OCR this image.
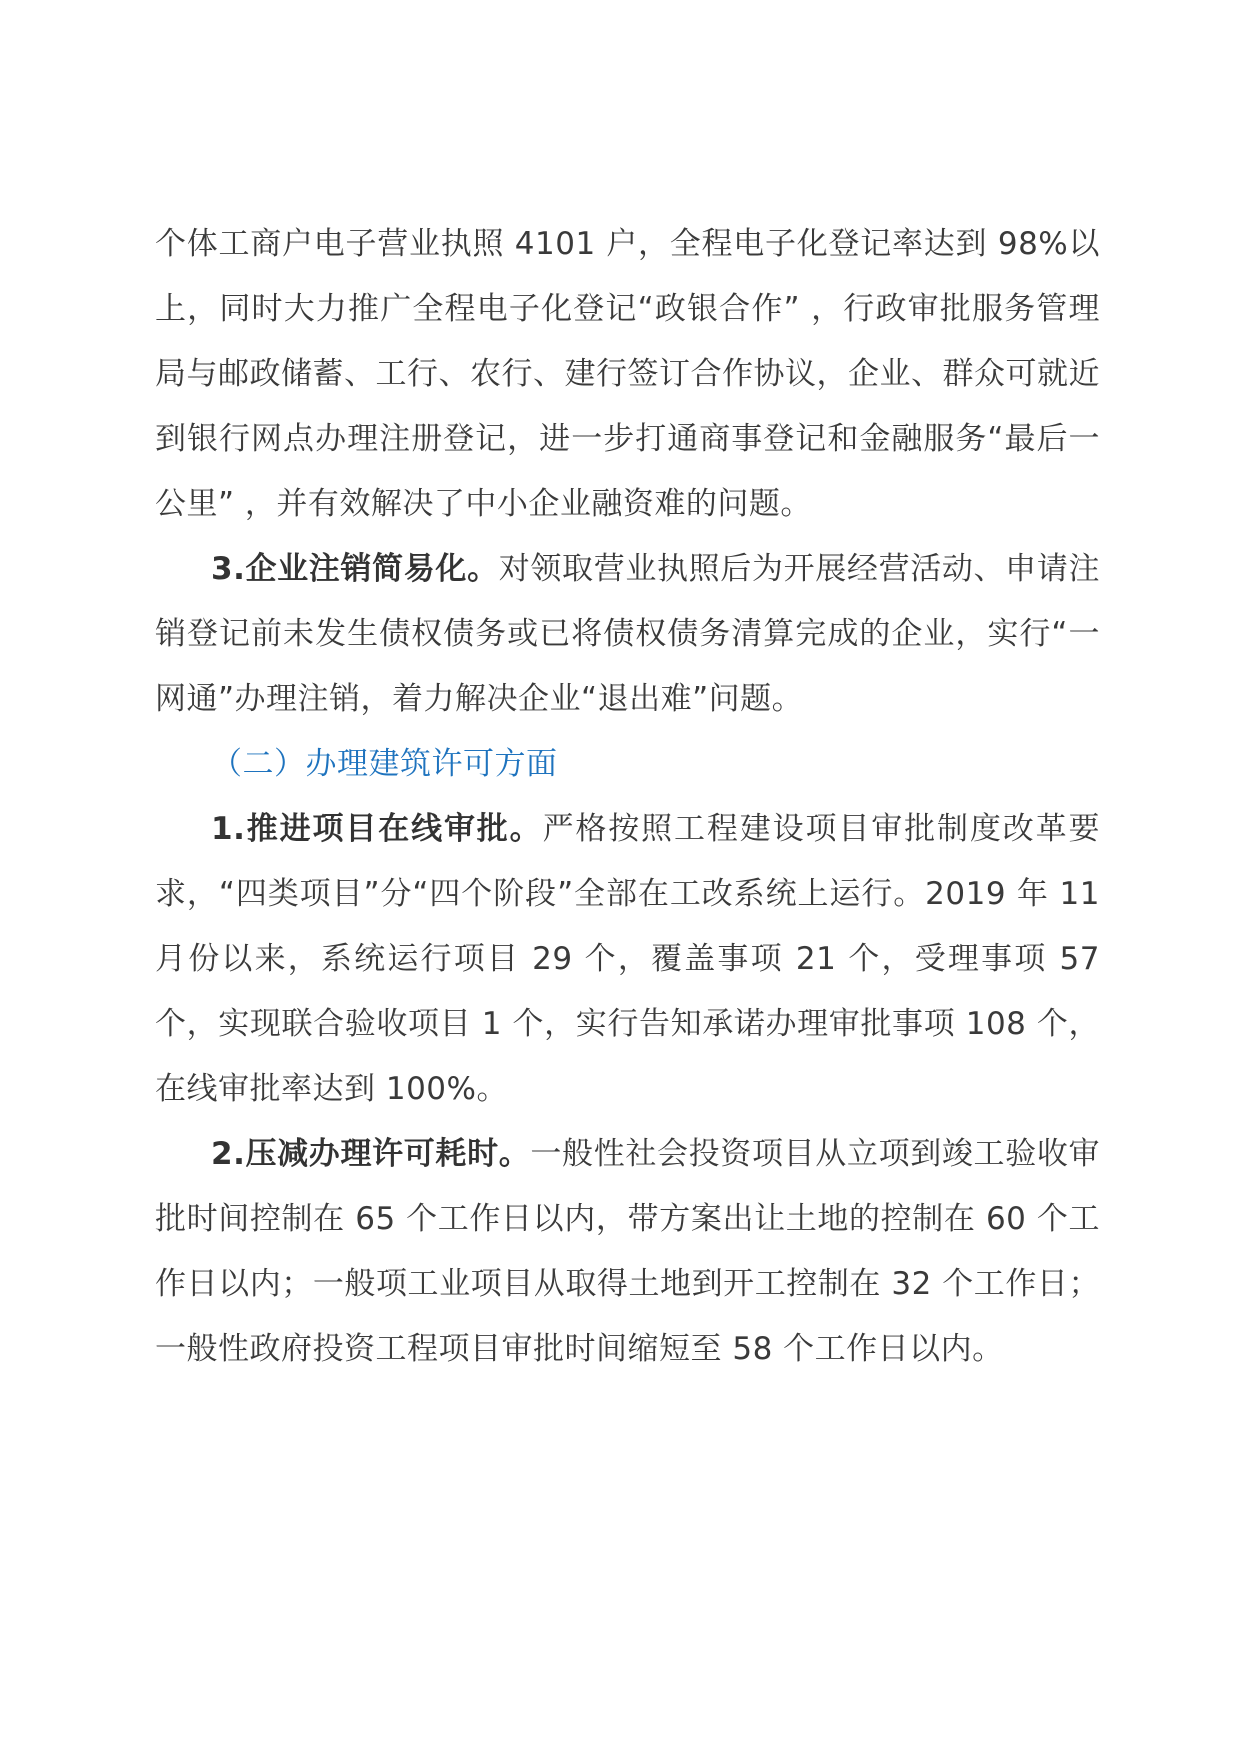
个体工商户电子营业执照 4101 户，全程电子化登记率达到 98%以上，同时大力推广全程电子化登记“政银合作” ，行政审批服务管理局与邮政储蓄、工行、农行、建行签订合作协议，企业、群众可就近到银行网点办理注册登记，进一步打通商事登记和金融服务“最后一公里” ，并有效解决了中小企业融资难的问题。

3.企业注销简易化。对领取营业执照后为开展经营活动、申请注销登记前未发生债权债务或已将债权债务清算完成的企业，实行“一网通”办理注销，着力解决企业“退出难”问题。

（二）办理建筑许可方面

1.推进项目在线审批。严格按照工程建设项目审批制度改革要求，“四类项目”分“四个阶段”全部在工改系统上运行。2019 年 11 月份以来，系统运行项目 29 个，覆盖事项 21 个，受理事项 57 个，实现联合验收项目 1 个，实行告知承诺办理审批事项 108 个，在线审批率达到 100%。

2.压减办理许可耗时。一般性社会投资项目从立项到竣工验收审批时间控制在 65 个工作日以内，带方案出让土地的控制在 60 个工作日以内；一般项工业项目从取得土地到开工控制在 32 个工作日；一般性政府投资工程项目审批时间缩短至 58 个工作日以内。
